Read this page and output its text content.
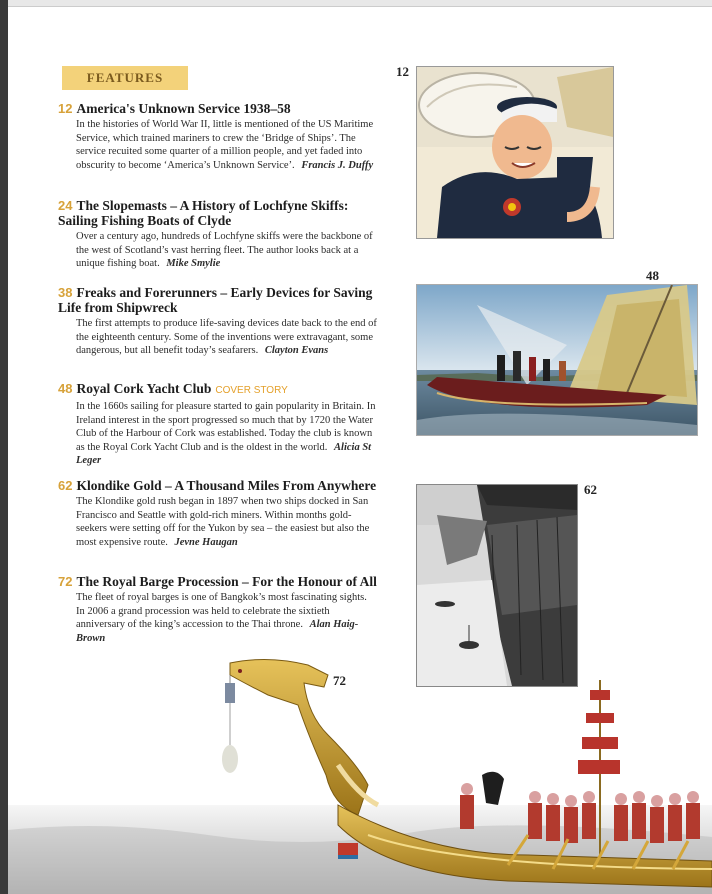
FEATURES
12 America's Unknown Service 1938–58
In the histories of World War II, little is mentioned of the US Maritime Service, which trained mariners to crew the ‘Bridge of Ships’. The service recuited some quarter of a million people, and yet faded into obscurity to become ‘America’s Unknown Service’. Francis J. Duffy
24 The Slopemasts – A History of Lochfyne Skiffs: Sailing Fishing Boats of Clyde
Over a century ago, hundreds of Lochfyne skiffs were the backbone of the west of Scotland’s vast herring fleet. The author looks back at a unique fishing boat. Mike Smylie
38 Freaks and Forerunners – Early Devices for Saving Life from Shipwreck
The first attempts to produce life-saving devices date back to the end of the eighteenth century. Some of the inventions were extravagant, some dangerous, but all benefit today’s seafarers. Clayton Evans
48 Royal Cork Yacht Club COVER STORY
In the 1660s sailing for pleasure started to gain popularity in Britain. In Ireland interest in the sport progressed so much that by 1720 the Water Club of the Harbour of Cork was established. Today the club is known as the Royal Cork Yacht Club and is the oldest in the world. Alicia St Leger
62 Klondike Gold – A Thousand Miles From Anywhere
The Klondike gold rush began in 1897 when two ships docked in San Francisco and Seattle with gold-rich miners. Within months gold-seekers were setting off for the Yukon by sea – the easiest but also the most expensive route. Jevne Haugan
72 The Royal Barge Procession – For the Honour of All
The fleet of royal barges is one of Bangkok’s most fascinating sights. In 2006 a grand procession was held to celebrate the sixtieth anniversary of the king’s accession to the Thai throne. Alan Haig-Brown
12
48
62
72
